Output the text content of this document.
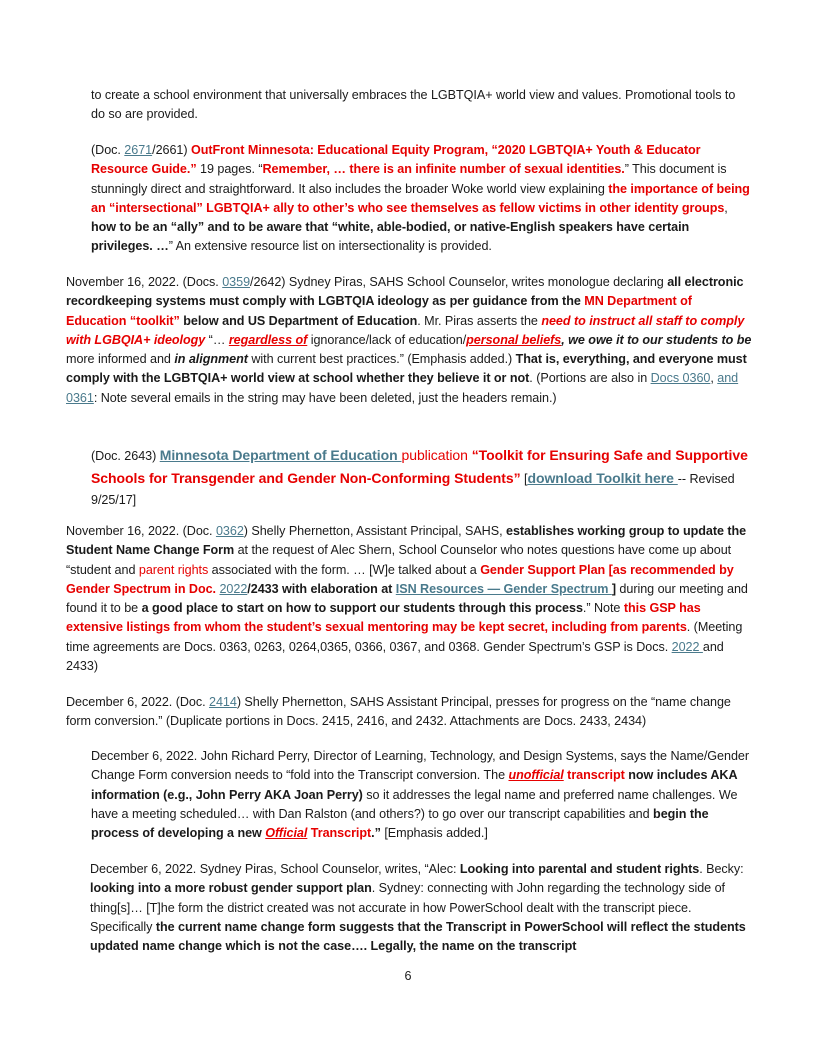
to create a school environment that universally embraces the LGBTQIA+ world view and values. Promotional tools to do so are provided.

(Doc. 2671/2661) OutFront Minnesota: Educational Equity Program, “2020 LGBTQIA+ Youth & Educator Resource Guide.” 19 pages. “Remember, … there is an infinite number of sexual identities.” This document is stunningly direct and straightforward. It also includes the broader Woke world view explaining the importance of being an “intersectional” LGBTQIA+ ally to other’s who see themselves as fellow victims in other identity groups, how to be an “ally” and to be aware that “white, able-bodied, or native-English speakers have certain privileges. …” An extensive resource list on intersectionality is provided.

November 16, 2022. (Docs. 0359/2642) Sydney Piras, SAHS School Counselor, writes monologue declaring all electronic recordkeeping systems must comply with LGBTQIA ideology as per guidance from the MN Department of Education “toolkit” below and US Department of Education. Mr. Piras asserts the need to instruct all staff to comply with LGBQIA+ ideology “… regardless of ignorance/lack of education/personal beliefs, we owe it to our students to be more informed and in alignment with current best practices.” (Emphasis added.) That is, everything, and everyone must comply with the LGBTQIA+ world view at school whether they believe it or not. (Portions are also in Docs 0360, and 0361: Note several emails in the string may have been deleted, just the headers remain.)

(Doc. 2643) Minnesota Department of Education publication “Toolkit for Ensuring Safe and Supportive Schools for Transgender and Gender Non-Conforming Students” [download Toolkit here -- Revised 9/25/17]

November 16, 2022. (Doc. 0362) Shelly Phernetton, Assistant Principal, SAHS, establishes working group to update the Student Name Change Form at the request of Alec Shern, School Counselor who notes questions have come up about “student and parent rights associated with the form. … [W]e talked about a Gender Support Plan [as recommended by Gender Spectrum in Doc. 2022/2433 with elaboration at ISN Resources — Gender Spectrum ] during our meeting and found it to be a good place to start on how to support our students through this process.” Note this GSP has extensive listings from whom the student’s sexual mentoring may be kept secret, including from parents. (Meeting time agreements are Docs. 0363, 0263, 0264,0365, 0366, 0367, and 0368. Gender Spectrum’s GSP is Docs. 2022 and 2433)

December 6, 2022. (Doc. 2414) Shelly Phernetton, SAHS Assistant Principal, presses for progress on the “name change form conversion.” (Duplicate portions in Docs. 2415, 2416, and 2432. Attachments are Docs. 2433, 2434)

December 6, 2022. John Richard Perry, Director of Learning, Technology, and Design Systems, says the Name/Gender Change Form conversion needs to “fold into the Transcript conversion. The unofficial transcript now includes AKA information (e.g., John Perry AKA Joan Perry) so it addresses the legal name and preferred name challenges. We have a meeting scheduled… with Dan Ralston (and others?) to go over our transcript capabilities and begin the process of developing a new Official Transcript.” [Emphasis added.]

December 6, 2022. Sydney Piras, School Counselor, writes, “Alec: Looking into parental and student rights. Becky: looking into a more robust gender support plan. Sydney: connecting with John regarding the technology side of thing[s]… [T]he form the district created was not accurate in how PowerSchool dealt with the transcript piece. Specifically the current name change form suggests that the Transcript in PowerSchool will reflect the students updated name change which is not the case…. Legally, the name on the transcript

6
